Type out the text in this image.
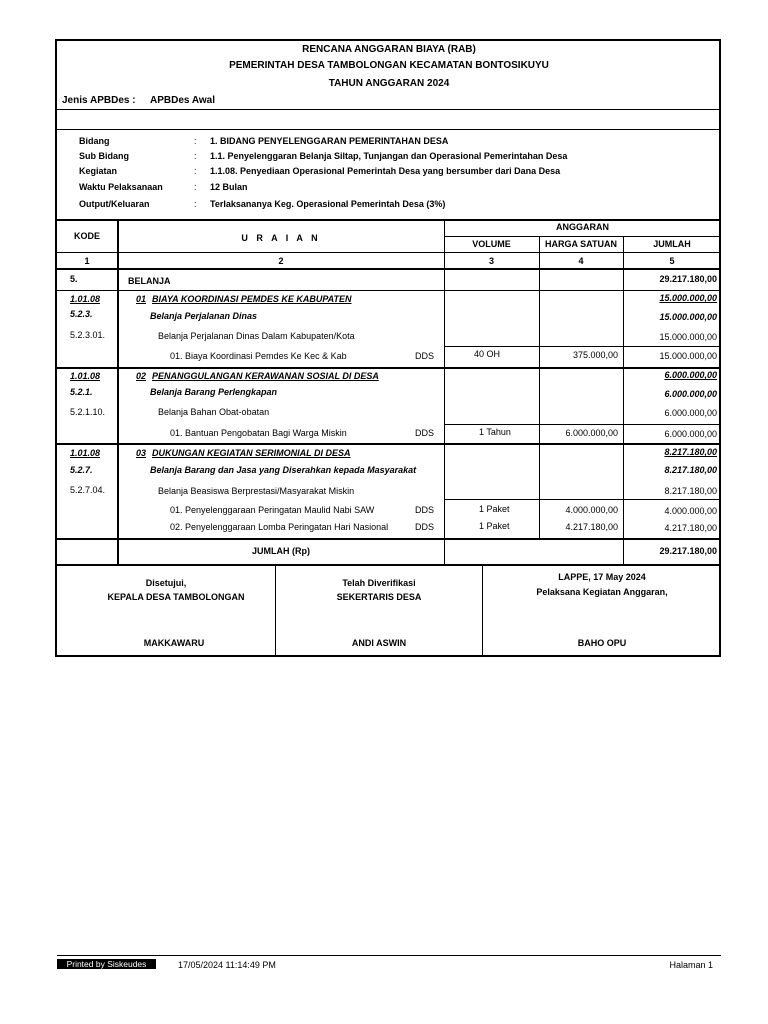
RENCANA ANGGARAN BIAYA (RAB)
PEMERINTAH DESA TAMBOLONGAN KECAMATAN BONTOSIKUYU
TAHUN ANGGARAN 2024
Jenis APBDes : APBDes Awal
Bidang	: 1. BIDANG PENYELENGGARAN PEMERINTAHAN DESA
Sub Bidang	: 1.1. Penyelenggaran Belanja Siltap, Tunjangan dan Operasional Pemerintahan Desa
Kegiatan	: 1.1.08. Penyediaan Operasional Pemerintah Desa yang bersumber dari Dana Desa
Waktu Pelaksanaan	: 12 Bulan
Output/Keluaran	: Terlaksananya Keg. Operasional Pemerintah Desa (3%)
KODE	U R A I A N
ANGGARAN
VOLUME	HARGA SATUAN	JUMLAH
1	2	3	4	5
5.	BELANJA	29.217.180,00
1.01.08	01 BIAYA KOORDINASI PEMDES KE KABUPATEN	15.000.000,00
5.2.3.	Belanja Perjalanan Dinas	15.000.000,00
5.2.3.01.	Belanja Perjalanan Dinas Dalam Kabupaten/Kota	15.000.000,00
01. Biaya Koordinasi Pemdes Ke Kec & Kab	DDS	40 OH	375.000,00	15.000.000,00
1.01.08	02 PENANGGULANGAN KERAWANAN SOSIAL DI DESA	6.000.000,00
5.2.1.	Belanja Barang Perlengkapan	6.000.000,00
5.2.1.10.	Belanja Bahan Obat-obatan	6.000.000,00
01. Bantuan Pengobatan Bagi Warga Miskin	DDS	1 Tahun	6.000.000,00	6.000.000,00
1.01.08	03 DUKUNGAN KEGIATAN SERIMONIAL DI DESA	8.217.180,00
5.2.7.	Belanja Barang dan Jasa yang Diserahkan kepada Masyarakat	8.217.180,00
5.2.7.04.	Belanja Beasiswa Berprestasi/Masyarakat Miskin	8.217.180,00
01. Penyelenggaraan Peringatan Maulid Nabi SAW	DDS	1 Paket	4.000.000,00	4.000.000,00
02. Penyelenggaraan Lomba Peringatan Hari Nasional	DDS	1 Paket	4.217.180,00	4.217.180,00
JUMLAH (Rp)	29.217.180,00
Disetujui,
KEPALA DESA TAMBOLONGAN
MAKKAWARU
Telah Diverifikasi
SEKERTARIS DESA
ANDI ASWIN
LAPPE, 17 May 2024
Pelaksana Kegiatan Anggaran,
BAHO OPU
Printed by Siskeudes	17/05/2024 11:14:49 PM	Halaman 1
